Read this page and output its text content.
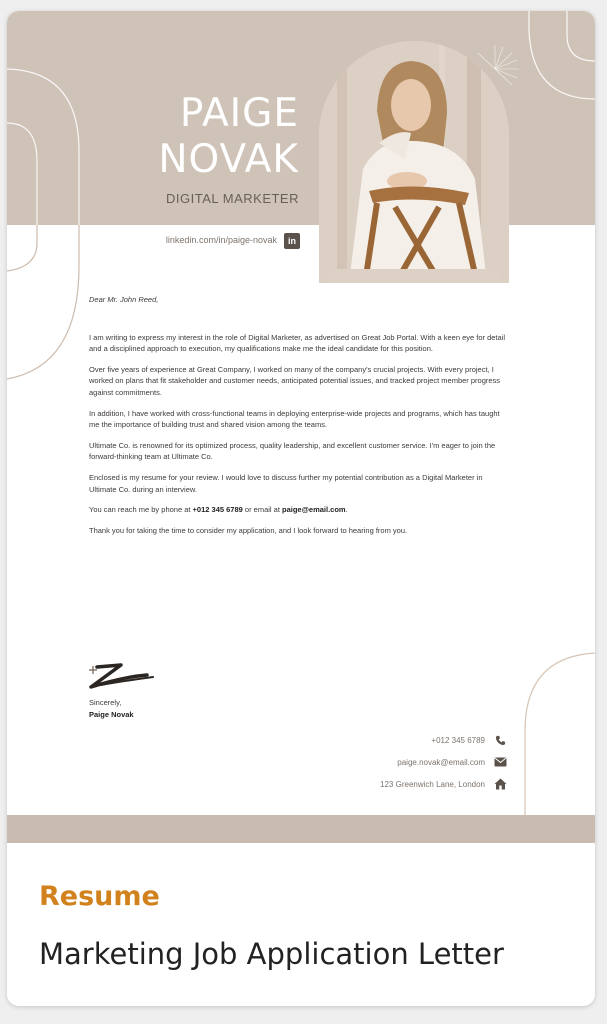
PAIGE
NOVAK
DIGITAL MARKETER
linkedin.com/in/paige-novak	in
Dear Mr. John Reed,

I am writing to express my interest in the role of Digital Marketer, as advertised on Great Job Portal. With a keen eye for detail and a disciplined approach to execution, my qualifications make me the ideal candidate for this position.

Over five years of experience at Great Company, I worked on many of the company's crucial projects. With every project, I worked on plans that fit stakeholder and customer needs, anticipated potential issues, and tracked project member progress against commitments.

In addition, I have worked with cross-functional teams in deploying enterprise-wide projects and programs, which has taught me the importance of building trust and shared vision among the teams.

Ultimate Co. is renowned for its optimized process, quality leadership, and excellent customer service. I'm eager to join the forward-thinking team at Ultimate Co.

Enclosed is my resume for your review. I would love to discuss further my potential contribution as a Digital Marketer in Ultimate Co. during an interview.

You can reach me by phone at +012 345 6789 or email at paige@email.com.

Thank you for taking the time to consider my application, and I look forward to hearing from you.

Sincerely,
Paige Novak
+012 345 6789
paige.novak@email.com
123 Greenwich Lane, London
Resume
Marketing Job Application Letter
